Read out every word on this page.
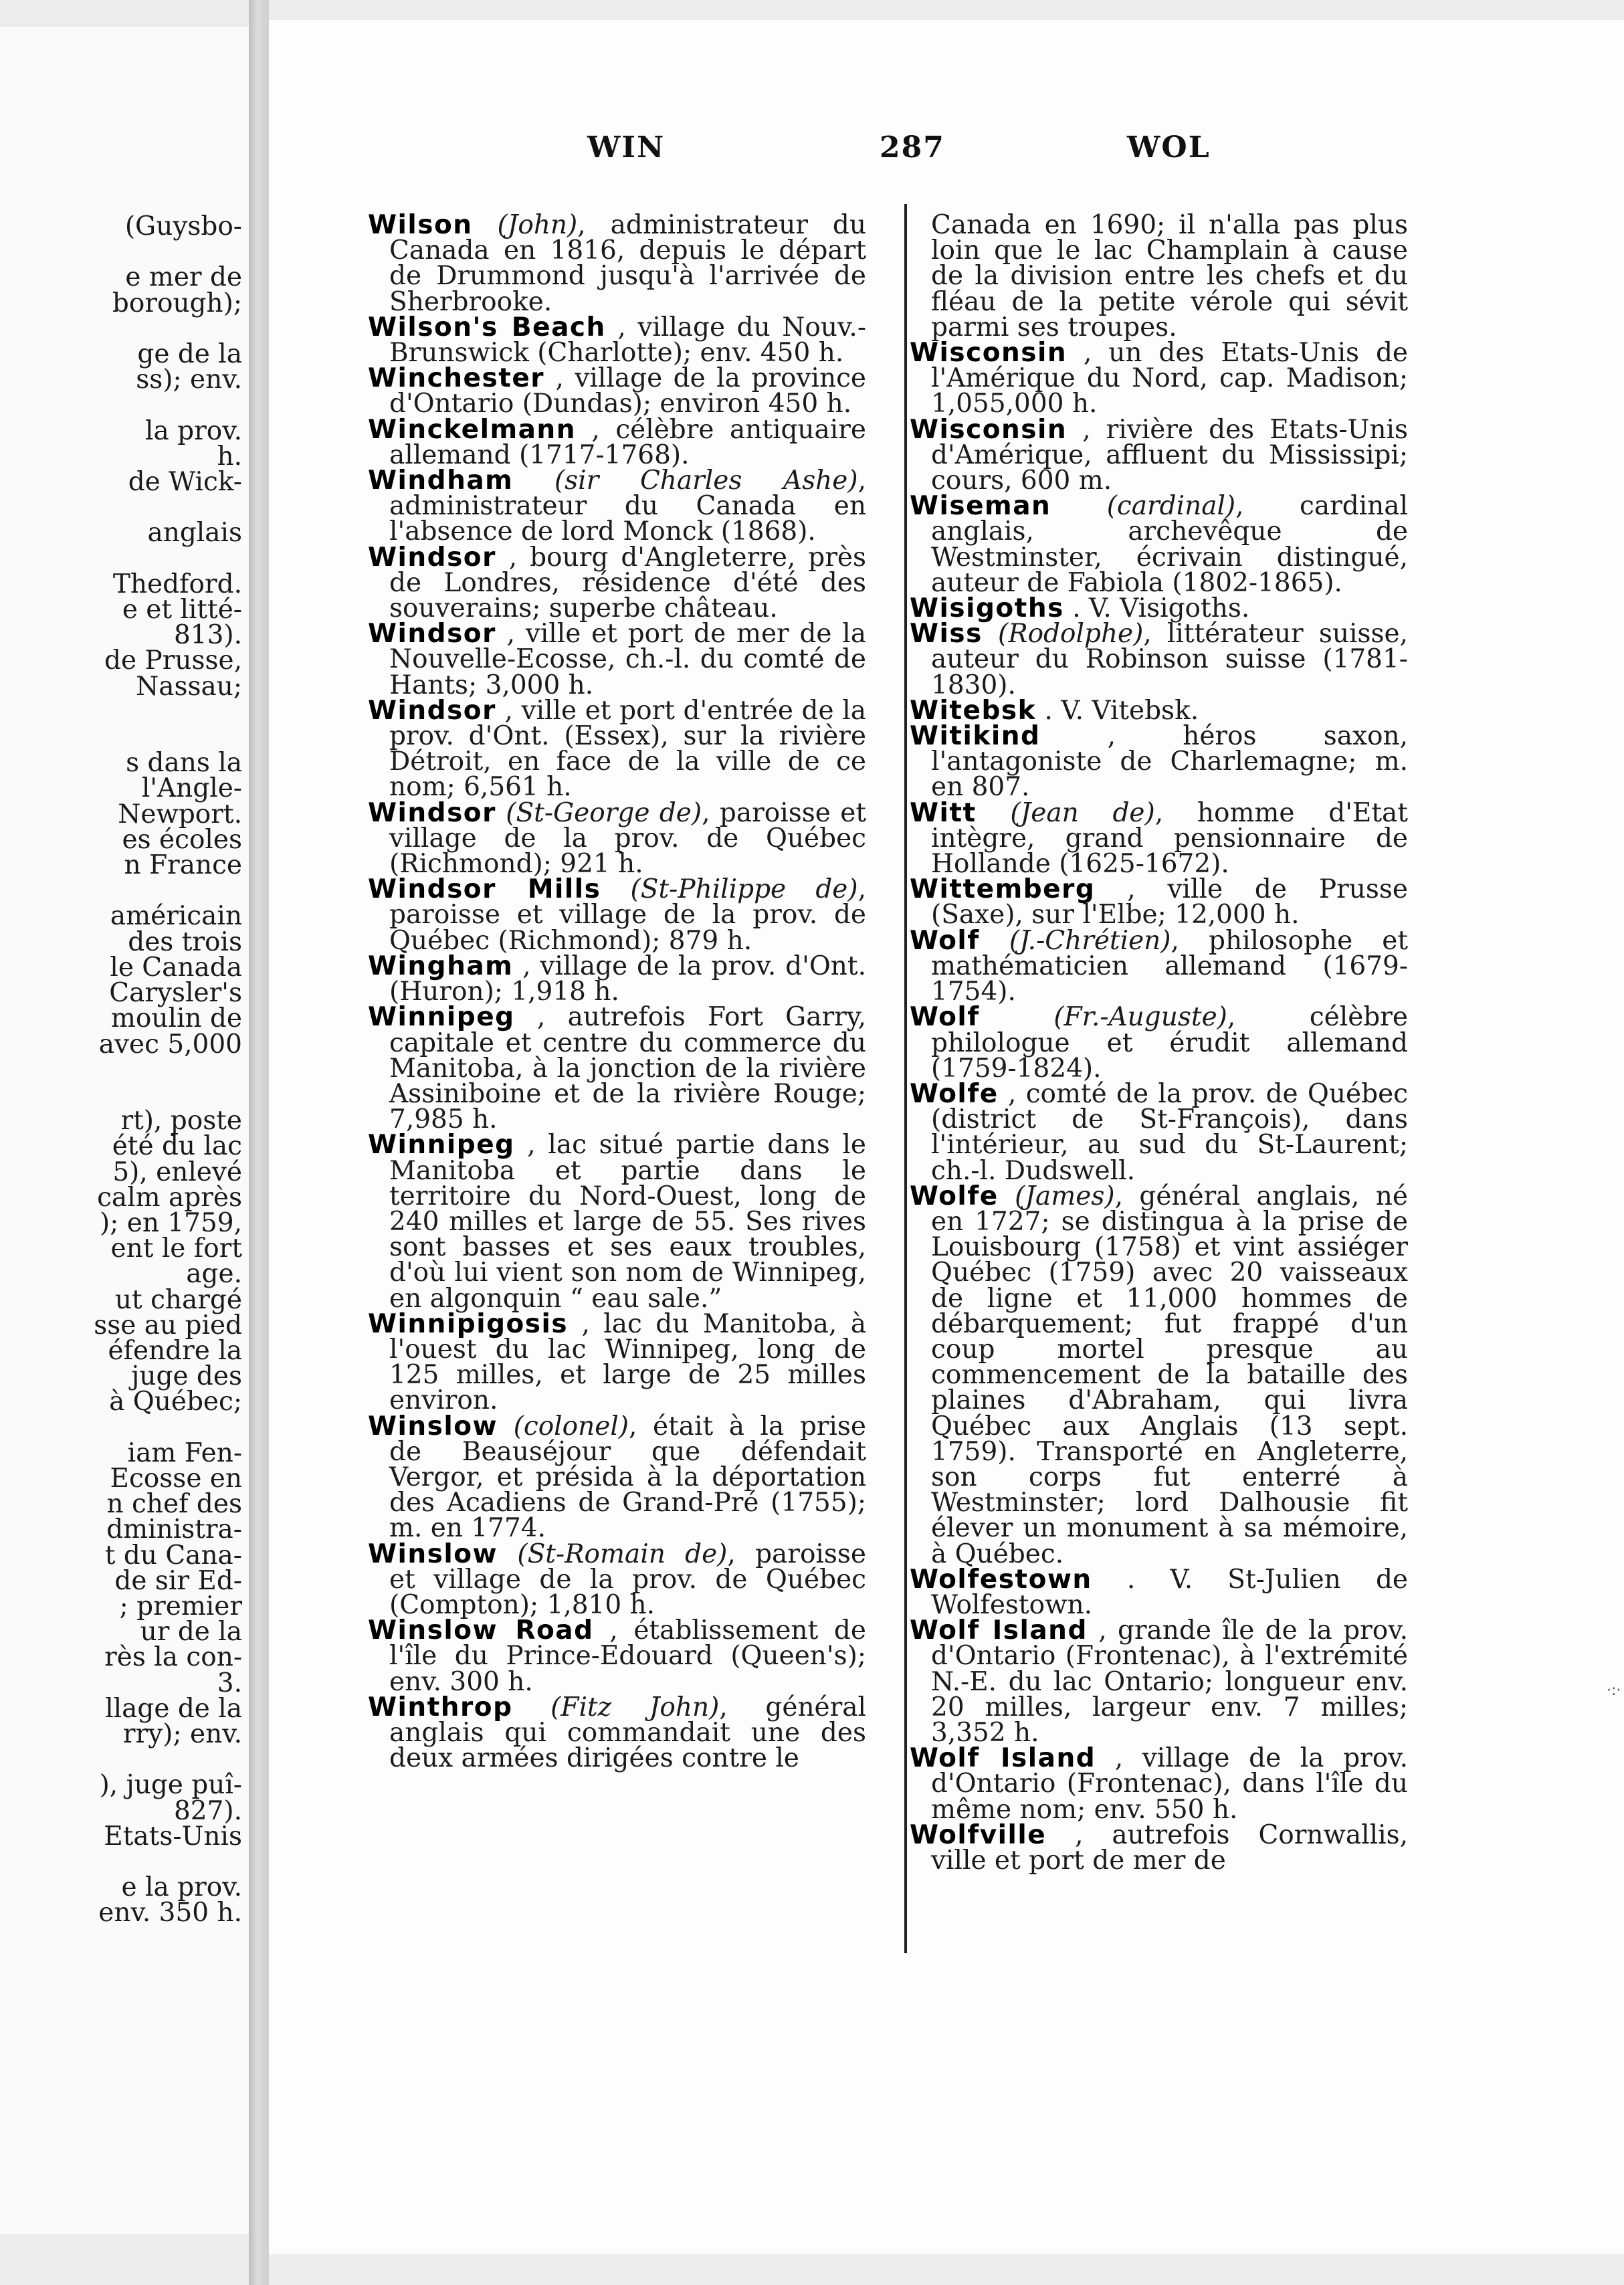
(Guysbo-

e mer de
borough);

ge de la
ss); env.

la prov.
h.
de Wick-

anglais

Thedford.
e et litté-
813).
de Prusse,
Nassau;

s dans la
l'Angle-
Newport.
es écoles
n France

américain
des trois
le Canada
Carysler's
moulin de
avec 5,000

rt), poste
été du lac
5), enlevé
calm après
); en 1759,
ent le fort
age.
ut chargé
sse au pied
éfendre la
juge des
à Québec;

iam Fen-
Ecosse en
n chef des
dministra-
t du Cana-
de sir Ed-
; premier
ur de la
rès la con-
3.
llage de la
rry); env.

), juge puî-
827).
Etats-Unis

e la prov.
env. 350 h.
WIN	287	WOL
Wilson (John), administrateur du Canada en 1816, depuis le départ de Drummond jusqu'à l'arrivée de Sherbrooke.
Wilson's Beach , village du Nouv.-Brunswick (Charlotte); env. 450 h.
Winchester , village de la province d'Ontario (Dundas); environ 450 h.
Winckelmann , célèbre antiquaire allemand (1717-1768).
Windham (sir Charles Ashe), administrateur du Canada en l'absence de lord Monck (1868).
Windsor , bourg d'Angleterre, près de Londres, résidence d'été des souverains; superbe château.
Windsor , ville et port de mer de la Nouvelle-Ecosse, ch.-l. du comté de Hants; 3,000 h.
Windsor , ville et port d'entrée de la prov. d'Ont. (Essex), sur la rivière Détroit, en face de la ville de ce nom; 6,561 h.
Windsor (St-George de), paroisse et village de la prov. de Québec (Richmond); 921 h.
Windsor Mills (St-Philippe de), paroisse et village de la prov. de Québec (Richmond); 879 h.
Wingham , village de la prov. d'Ont. (Huron); 1,918 h.
Winnipeg , autrefois Fort Garry, capitale et centre du commerce du Manitoba, à la jonction de la rivière Assiniboine et de la rivière Rouge; 7,985 h.
Winnipeg , lac situé partie dans le Manitoba et partie dans le territoire du Nord-Ouest, long de 240 milles et large de 55. Ses rives sont basses et ses eaux troubles, d'où lui vient son nom de Winnipeg, en algonquin “ eau sale.”
Winnipigosis , lac du Manitoba, à l'ouest du lac Winnipeg, long de 125 milles, et large de 25 milles environ.
Winslow (colonel), était à la prise de Beauséjour que défendait Vergor, et présida à la déportation des Acadiens de Grand-Pré (1755); m. en 1774.
Winslow (St-Romain de), paroisse et village de la prov. de Québec (Compton); 1,810 h.
Winslow Road , établissement de l'île du Prince-Edouard (Queen's); env. 300 h.
Winthrop (Fitz John), général anglais qui commandait une des deux armées dirigées contre le
Canada en 1690; il n'alla pas plus loin que le lac Champlain à cause de la division entre les chefs et du fléau de la petite vérole qui sévit parmi ses troupes.
Wisconsin , un des Etats-Unis de l'Amérique du Nord, cap. Madison; 1,055,000 h.
Wisconsin , rivière des Etats-Unis d'Amérique, affluent du Mississipi; cours, 600 m.
Wiseman (cardinal), cardinal anglais, archevêque de Westminster, écrivain distingué, auteur de Fabiola (1802-1865).
Wisigoths . V. Visigoths.
Wiss (Rodolphe), littérateur suisse, auteur du Robinson suisse (1781-1830).
Witebsk . V. Vitebsk.
Witikind	, héros saxon, l'antagoniste de Charlemagne; m. en 807.
Witt (Jean de), homme d'Etat intègre, grand pensionnaire de Hollande (1625-1672).
Wittemberg , ville de Prusse (Saxe), sur l'Elbe; 12,000 h.
Wolf (J.-Chrétien), philosophe et mathématicien allemand (1679-1754).
Wolf	(Fr.-Auguste), célèbre philologue et érudit allemand (1759-1824).
Wolfe , comté de la prov. de Québec (district de St-François), dans l'intérieur, au sud du St-Laurent; ch.-l. Dudswell.
Wolfe (James), général anglais, né en 1727; se distingua à la prise de Louisbourg (1758) et vint assiéger Québec (1759) avec 20 vaisseaux de ligne et 11,000 hommes de débarquement; fut frappé d'un coup mortel presque au commencement de la bataille des plaines d'Abraham, qui livra Québec aux Anglais (13 sept. 1759). Transporté en Angleterre, son corps fut enterré à Westminster; lord Dalhousie fit élever un monument à sa mémoire, à Québec.
Wolfestown . V. St-Julien de Wolfestown.
Wolf Island , grande île de la prov. d'Ontario (Frontenac), à l'extrémité N.-E. du lac Ontario; longueur env. 20 milles, largeur env. 7 milles; 3,352 h.
Wolf Island , village de la prov. d'Ontario (Frontenac), dans l'île du même nom; env. 550 h.
Wolfville , autrefois Cornwallis, ville et port de mer de
·:·
